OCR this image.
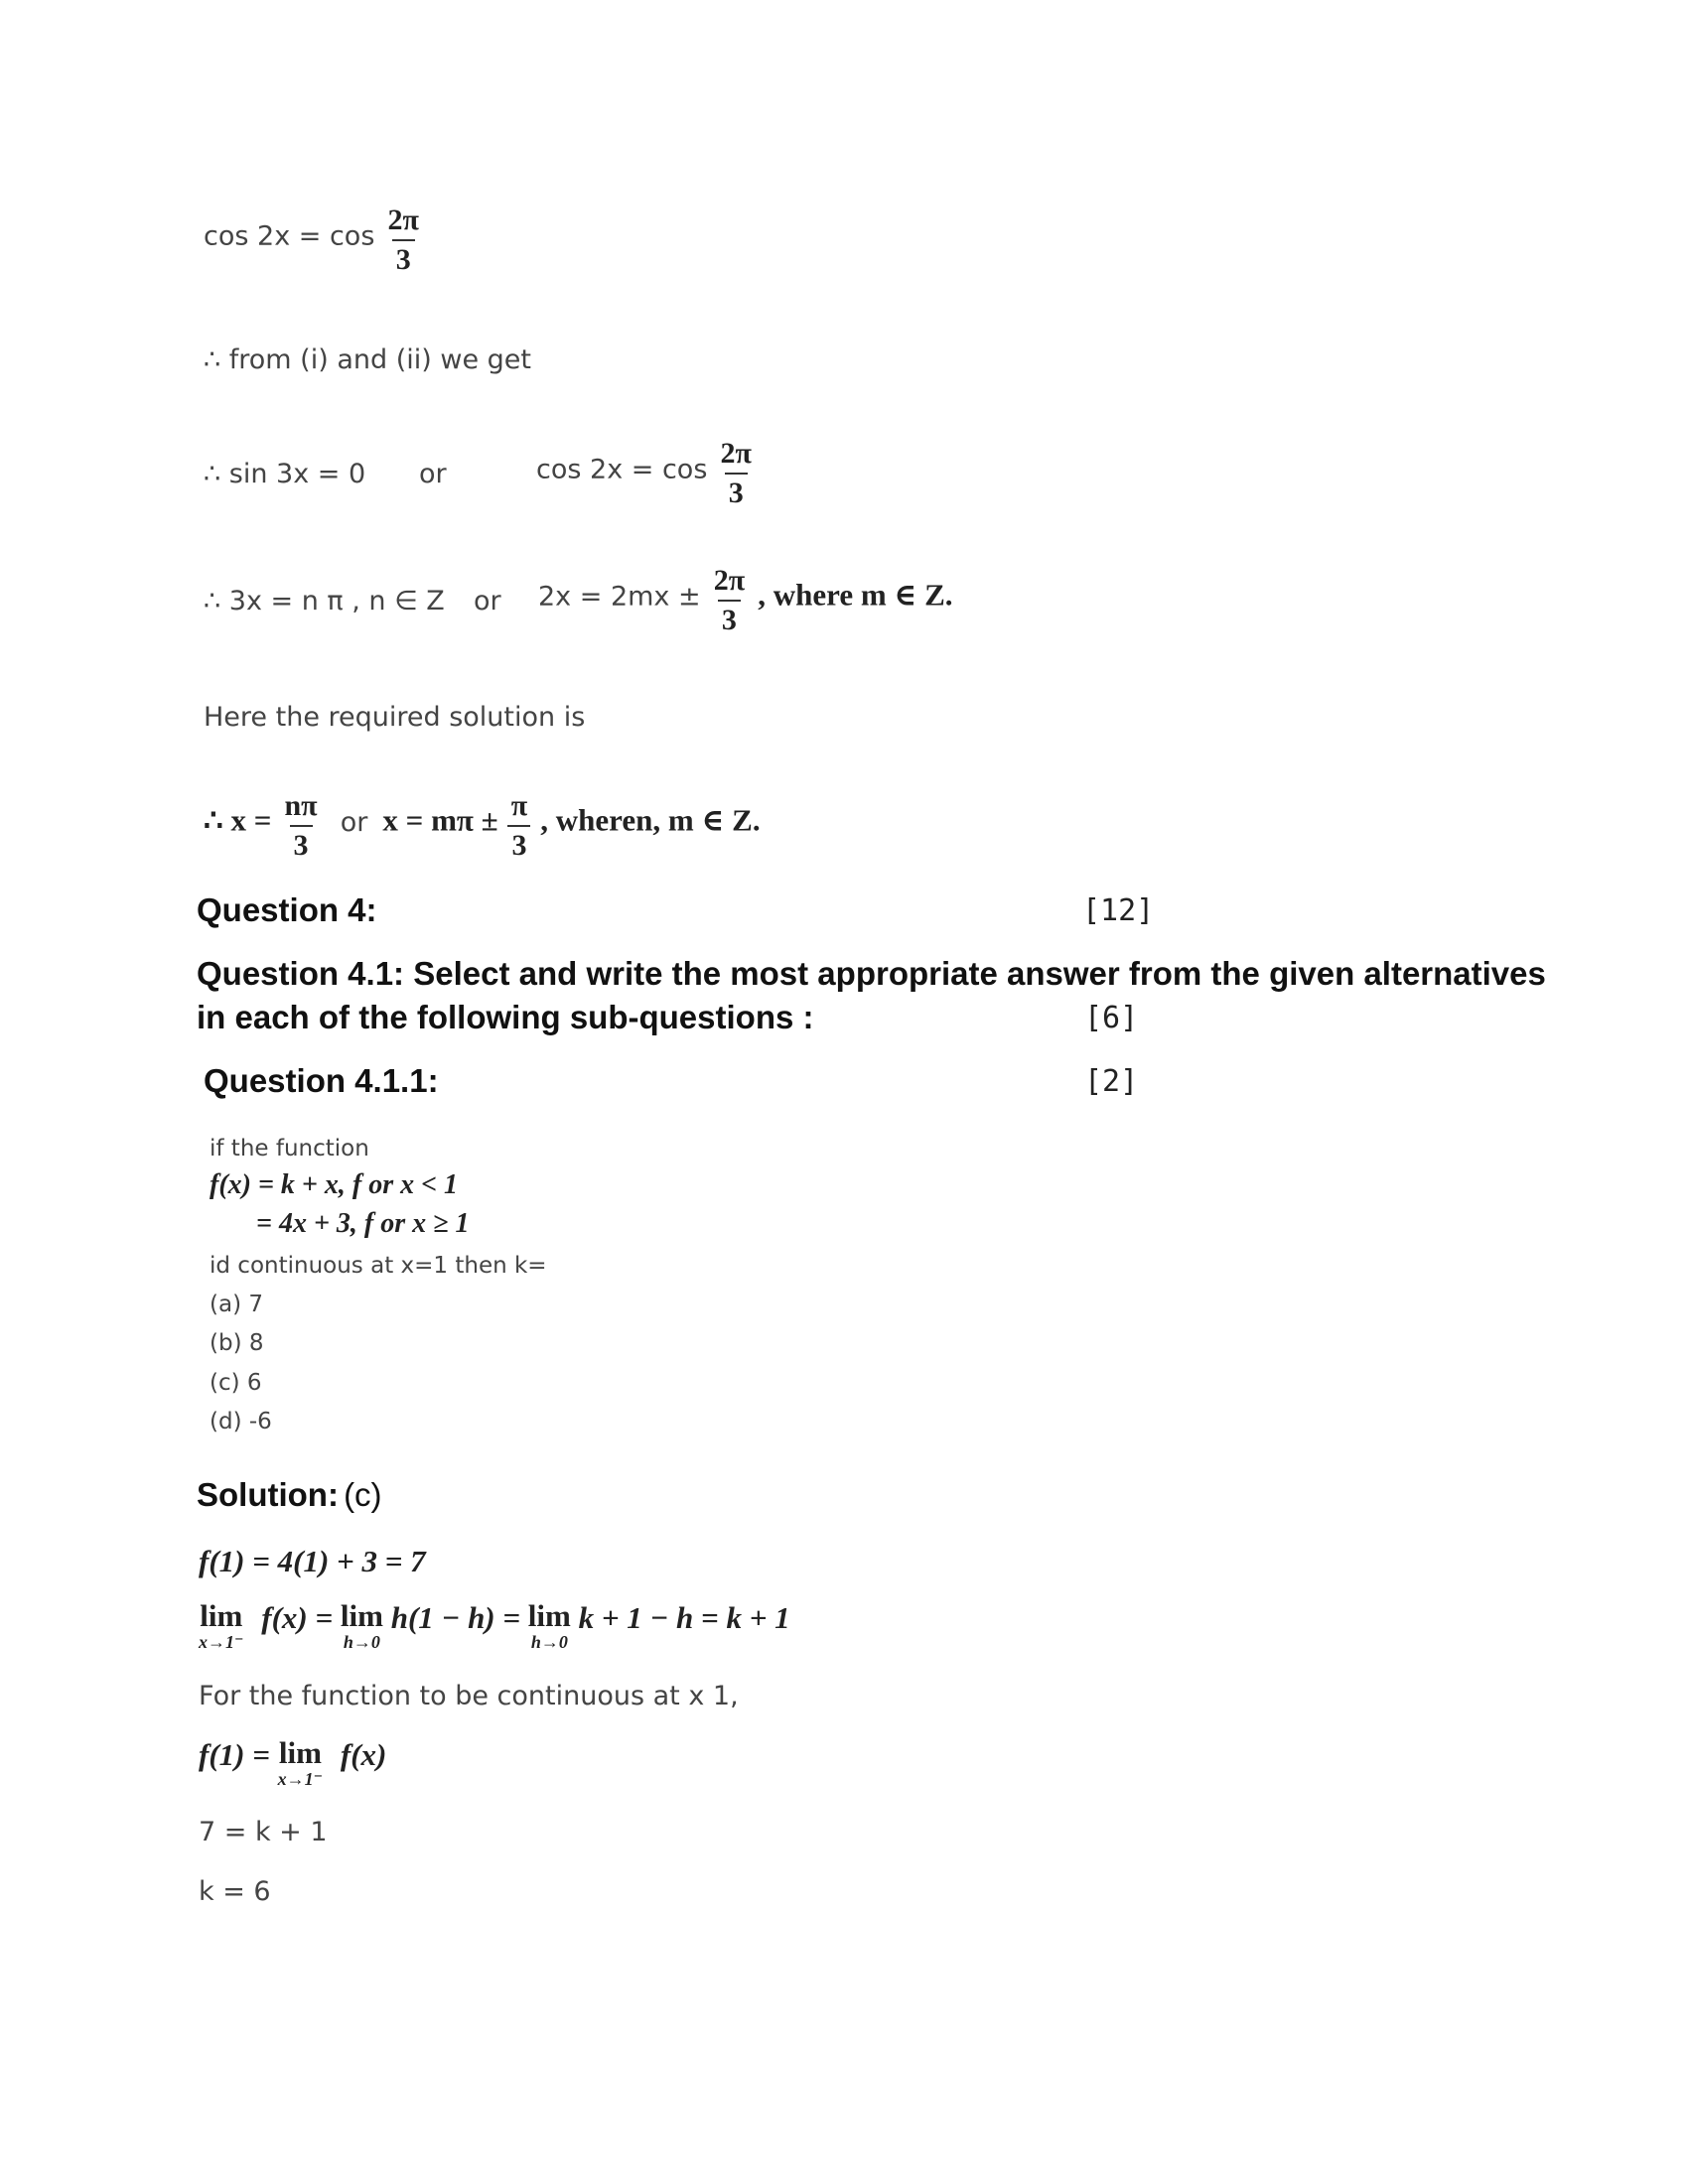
$\cos 2x = \cos \frac{2\pi}{3}$
∴ from (i) and (ii) we get
∴ sin 3x = 0 or	$\cos 2x = \cos \frac{2\pi}{3}$
∴ 3x = n π , n ∈ Z or $2x = 2mx \pm \frac{2\pi}{3}$ , where m ∈ Z.
Here the required solution is
∴ $x = \frac{n\pi}{3}$ or $x = m\pi \pm \frac{\pi}{3}$ , wheren, m ∈ Z.
Question 4:	[12]
Question 4.1: Select and write the most appropriate answer from the given alternatives
in each of the following sub-questions :	[6]
Question 4.1.1:	[2]
if the function
f(x) = k + x, f or x < 1
= 4x + 3, f or x ≥ 1
id continuous at x=1 then k=
(a) 7
(b) 8
(c) 6
(d) -6
Solution: (c)
f(1) = 4(1) + 3 = 7
lim
x→1⁻
f(x) = lim
h→0
h(1 − h) = lim
h→0
k + 1 − h = k + 1
For the function to be continuous at x 1,
f(1) = lim
x→1⁻
f(x)
7 = k + 1
k = 6
